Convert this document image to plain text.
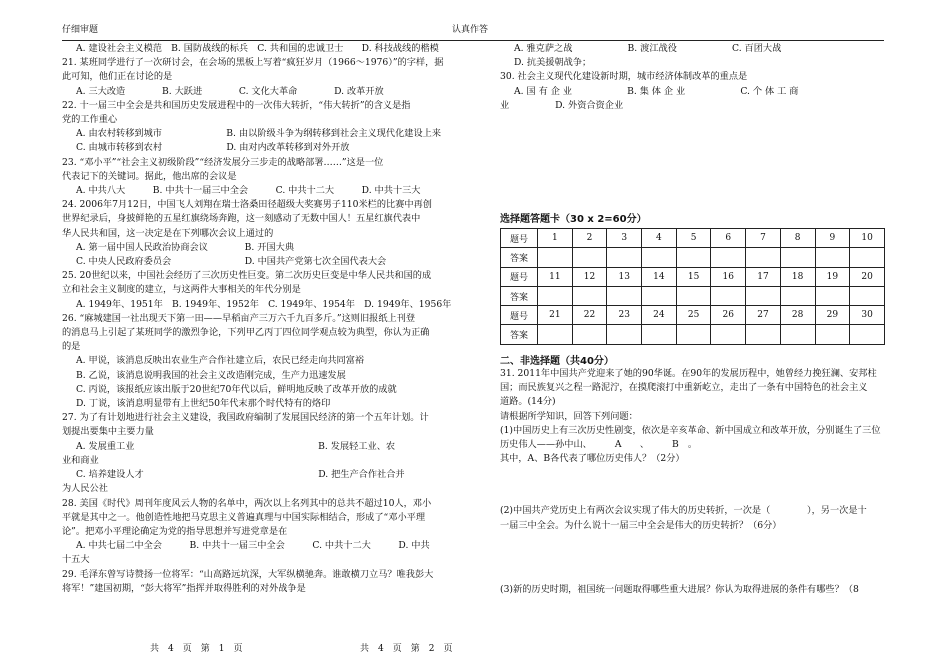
仔细审题	认真作答

A. 建设社会主义模范　B. 国防战线的标兵　C. 共和国的忠诚卫士　　D. 科技战线的楷模

21. 某班同学进行了一次研讨会，在会场的黑板上写着“疯狂岁月（1966～1976）”的字样，据

此可知，他们正在讨论的是

A. 三大改造　　　　B. 大跃进　　　　C. 文化大革命　　　　D. 改革开放

22. 十一届三中全会是共和国历史发展进程中的一次伟大转折，“伟大转折”的含义是指

党的工作重心

A. 由农村转移到城市　　　　　　　B. 由以阶级斗争为纲转移到社会主义现代化建设上来

C. 由城市转移到农村　　　　　　　D. 由对内改革转移到对外开放

23. “邓小平”“社会主义初级阶段”“经济发展分三步走的战略部署……”这是一位

代表记下的关键词。据此，他出席的会议是

A. 中共八大　　　B. 中共十一届三中全会　　　C. 中共十二大　　　D. 中共十三大

24. 2006年7月12日，中国飞人刘翔在瑞士洛桑田径超级大奖赛男子110米栏的比赛中再创

世界纪录后，身披鲜艳的五星红旗绕场奔跑，这一刻感动了无数中国人！五星红旗代表中

华人民共和国，这一决定是在下列哪次会议上通过的

A. 第一届中国人民政治协商会议　　　　B. 开国大典

C. 中央人民政府委员会　　　　　　　　D. 中国共产党第七次全国代表大会

25. 20世纪以来，中国社会经历了三次历史性巨变。第二次历史巨变是中华人民共和国的成

立和社会主义制度的建立，与这两件大事相关的年代分别是

A. 1949年、1951年　B. 1949年、1952年　C. 1949年、1954年　D. 1949年、1956年

26. “麻城建国一社出现天下第一田——早稻亩产三万六千九百多斤。”这则旧报纸上刊登

的消息马上引起了某班同学的激烈争论，下列甲乙丙丁四位同学观点较为典型，你认为正确

的是

A. 甲说，该消息反映出农业生产合作社建立后，农民已经走向共同富裕

B. 乙说，该消息说明我国的社会主义改造刚完成，生产力迅速发展

C. 丙说，该报纸应该出版于20世纪70年代以后，鲜明地反映了改革开放的成就

D. 丁说，该消息明显带有上世纪50年代末那个时代特有的烙印

27. 为了有计划地进行社会主义建设，我国政府编制了发展国民经济的第一个五年计划。计

划提出要集中主要力量

A. 发展重工业　　　　　　　　　　　　　　　　　　　　B. 发展轻工业、农

业和商业

C. 培养建设人才　　　　　　　　　　　　　　　　　　　D. 把生产合作社合并

为人民公社

28. 美国《时代》周刊年度风云人物的名单中，两次以上名列其中的总共不超过10人，邓小

平就是其中之一。他创造性地把马克思主义普遍真理与中国实际相结合，形成了“邓小平理

论”。把邓小平理论确定为党的指导思想并写进党章是在

A. 中共七届二中全会　　　B. 中共十一届三中全会　　　C. 中共十二大　　　D. 中共

十五大

29. 毛泽东曾写诗赞扬一位将军：“山高路远坑深，大军纵横驰奔。谁敢横刀立马？唯我彭大

将军！”建国初期，“彭大将军”指挥并取得胜利的对外战争是

A. 雅克萨之战　　　　　　B. 渡江战役　　　　　　C. 百团大战

D. 抗美援朝战争；

30. 社会主义现代化建设新时期，城市经济体制改革的重点是

A. 国 有 企 业　　　　　　B. 集 体 企 业　　　　　　C. 个 体 工 商

业　　　　　D. 外资合资企业

选择题答题卡（30 x 2=60分）
题号	1	2	3	4	5	6	7	8	9	10
答案										
题号	11	12	13	14	15	16	17	18	19	20
答案										
题号	21	22	23	24	25	26	27	28	29	30
答案										
二、非选择题（共40分）

31. 2011年中国共产党迎来了她的90华诞。在90年的发展历程中，她曾经力挽狂澜、安邦柱

国；而民族复兴之程一路泥泞，在摸爬滚打中重新屹立，走出了一条有中国特色的社会主义

道路。(14分)

请根据所学知识，回答下列问题：

(1)中国历史上有三次历史性剧变，依次是辛亥革命、新中国成立和改革开放，分别诞生了三位

历史伟人——孙中山、　　　A　　、　　　B　。

其中，A、B各代表了哪位历史伟人？（2分）

(2)中国共产党历史上有两次会议实现了伟大的历史转折，一次是（　　　　），另一次是十

一届三中全会。为什么说十一届三中全会是伟大的历史转折？（6分）

(3)新的历史时期，祖国统一问题取得哪些重大进展？你认为取得进展的条件有哪些？（8

共　4　页　第　1　页	共　4　页　第　2　页
